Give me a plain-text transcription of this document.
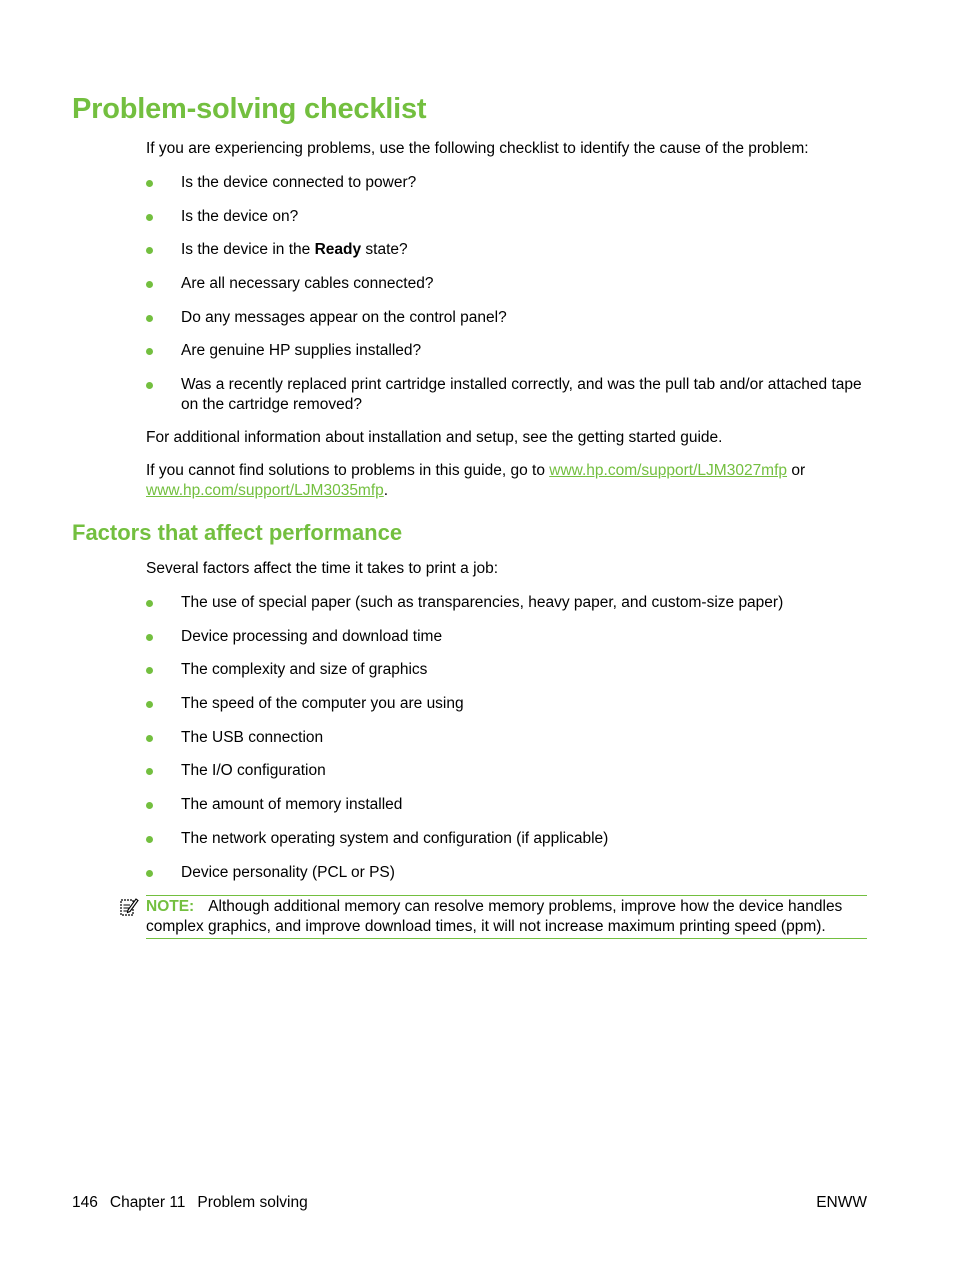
Problem-solving checklist

If you are experiencing problems, use the following checklist to identify the cause of the problem:

Is the device connected to power?
Is the device on?
Is the device in the Ready state?
Are all necessary cables connected?
Do any messages appear on the control panel?
Are genuine HP supplies installed?
Was a recently replaced print cartridge installed correctly, and was the pull tab and/or attached tape on the cartridge removed?

For additional information about installation and setup, see the getting started guide.

If you cannot find solutions to problems in this guide, go to www.hp.com/support/LJM3027mfp or
www.hp.com/support/LJM3035mfp.

Factors that affect performance

Several factors affect the time it takes to print a job:

The use of special paper (such as transparencies, heavy paper, and custom-size paper)
Device processing and download time
The complexity and size of graphics
The speed of the computer you are using
The USB connection
The I/O configuration
The amount of memory installed
The network operating system and configuration (if applicable)
Device personality (PCL or PS)
NOTE: Although additional memory can resolve memory problems, improve how the device handles complex graphics, and improve download times, it will not increase maximum printing speed (ppm).
146 Chapter 11 Problem solving	ENWW
